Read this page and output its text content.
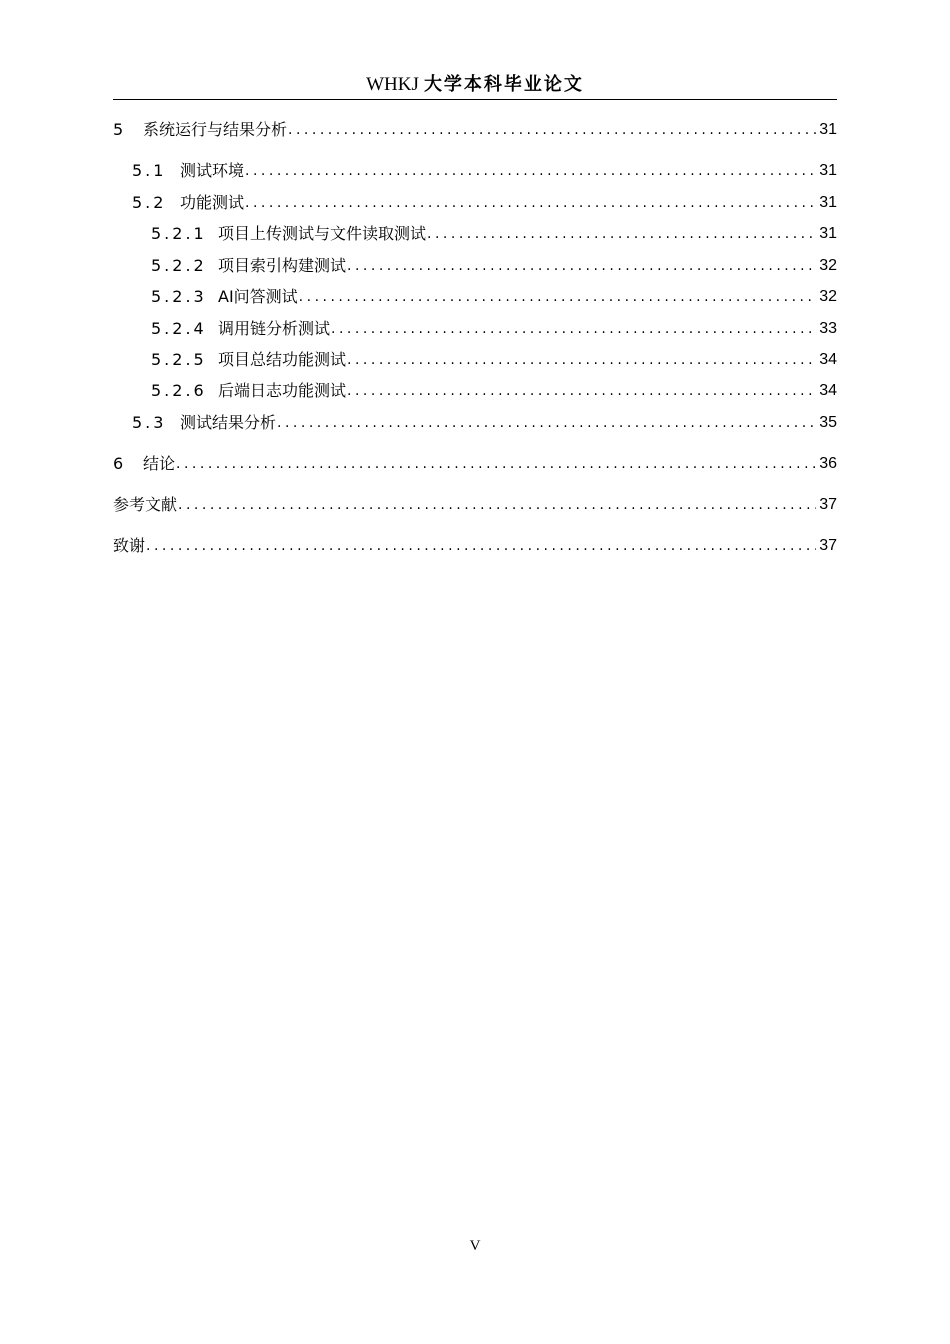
WHKJ 大学本科毕业论文
5	系统运行与结果分析 .....	31
5.1 测试环境 .....	31
5.2 功能测试 .....	31
5.2.1 项目上传测试与文件读取测试 .....	31
5.2.2 项目索引构建测试 .....	32
5.2.3 AI问答测试 .....	32
5.2.4 调用链分析测试 .....	33
5.2.5 项目总结功能测试 .....	34
5.2.6 后端日志功能测试 .....	34
5.3 测试结果分析 .....	35
6	结论 .....	36
参考文献 .....	37
致谢 .....	37
V
